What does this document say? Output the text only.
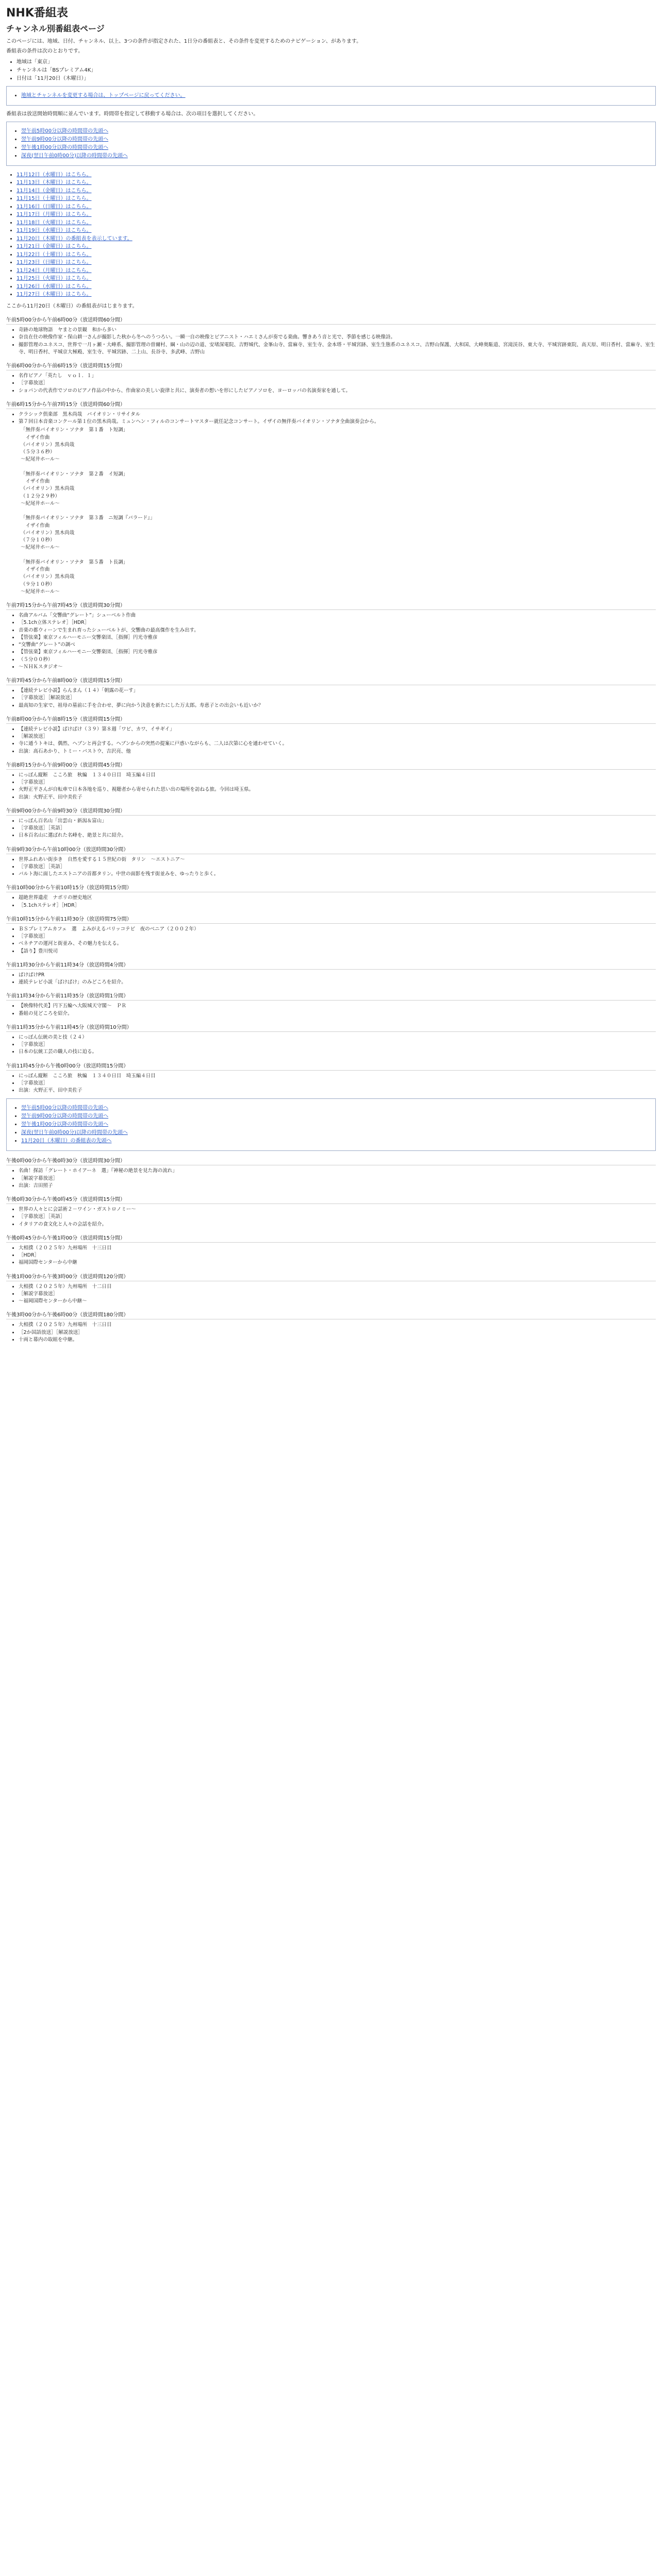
NHK番組表
チャンネル別番組表ページ

このページには、地域、日付、チャンネル、以上、3つの条件が指定された、1日分の番組表と、その条件を変更するためのナビゲーション、があります。

番組表の条件は次のとおりです。

• 地域は「東京」
• チャンネルは「BSプレミアム4K」
• 日付は「11月20日（木曜日）」
• 地域とチャンネルを変更する場合は、トップページに戻ってください。

番組表は放送開始時間順に並んでいます。時間帯を指定して移動する場合は、次の項目を選択してください。

• 翌午前5時00分以降の時間帯の先頭へ
• 翌午前9時00分以降の時間帯の先頭へ
• 翌午後1時00分以降の時間帯の先頭へ
• 深夜(翌日午前0時00分)以降の時間帯の先頭へ
• 11月12日（水曜日）はこちら。
• 11月13日（木曜日）はこちら。
• 11月14日（金曜日）はこちら。
• 11月15日（土曜日）はこちら。
• 11月16日（日曜日）はこちら。
• 11月17日（月曜日）はこちら。
• 11月18日（火曜日）はこちら。
• 11月19日（水曜日）はこちら。
• 11月20日（木曜日）の番組表を表示しています。
• 11月21日（金曜日）はこちら。
• 11月22日（土曜日）はこちら。
• 11月23日（日曜日）はこちら。
• 11月24日（月曜日）はこちら。
• 11月25日（火曜日）はこちら。
• 11月26日（水曜日）はこちら。
• 11月27日（木曜日）はこちら。

ここから11月20日（木曜日）の番組表がはじまります。

午前5時00分から午前6時00分（放送時間60分間）
• 奇跡の地球物語　ヤまとの景観　和から多い
• 奈良在住の映像作家・保山耕一さんが撮影した秋から冬へのうつろい。一瞬一自の映像とピアニスト・ハエミさんが奏でる楽曲。響きあう音と光で、季節を感じる映像詩。
• 撮影管理のユネスコ、世界で一月ヶ瀬・大峰系、撮影管理の曽爾村、綱・山の辺の道、安堵深電院、吉野城代、金峯山寺、當麻寺、室生寺、金本塔・平城宮跡、室生生態系のユネスコ、吉野山保護、大和国、大峰奥駈道、宮滝渓谷、東大寺、平城宮跡東院、高天原、明日香村、當麻寺、室生寺、明日香村、平城京大極殿、室生寺、平城宮跡、二上山、長谷寺、多武峰、吉野山
午前6時00分から午前6時15分（放送時間15分間）
• 名作ピアノ「英たし　ｖｏｌ．１」
• ［字幕放送］
• ショパンの代表作でソロのピアノ作品の中から、作曲家の美しい旋律と共に、演奏者の想いを形にしたピアノソロを、ヨーロッパの名演奏家を通して。
午前6時15分から午前7時15分（放送時間60分間）
• クラシック倶楽部　黒木尚哉　バイオリン・リサイタル
• 第７回日本音楽コンクール第１位の黒木尚哉。ミュンヘン・フィルのコンサートマスター就任記念コンサート。イザイの無伴奏バイオリン・ソナタ全曲演奏会から。
「無伴奏バイオリン・ソナタ　第１番　ト短調」
　イザイ作曲
（バイオリン）黒木尚哉
（５分３６秒）
〜紀尾井ホール〜

「無伴奏バイオリン・ソナタ　第２番　イ短調」
　イザイ作曲
（バイオリン）黒木尚哉
（１２分２９秒）
〜紀尾井ホール〜

「無伴奏バイオリン・ソナタ　第３番　ニ短調『バラード』」
　イザイ作曲
（バイオリン）黒木尚哉
（７分１０秒）
〜紀尾井ホール〜

「無伴奏バイオリン・ソナタ　第５番　ト長調」
　イザイ作曲
（バイオリン）黒木尚哉
（９分１０秒）
〜紀尾井ホール〜
午前7時15分から午前7時45分（放送時間30分間）
• 名曲アルバム「交響曲“グレート”」シューベルト作曲
• ［5.1ch立体ステレオ］［HDR］
• 音楽の都ウィーンで生まれ育ったシューベルトが、交響曲の最高傑作を生み出す。
• 【管弦楽】東京フィルハーモニー交響楽団、［指揮］円光寺雅彦
• “交響曲“グレート”の調べ
• 【管弦楽】東京フィルハーモニー交響楽団、［指揮］円光寺雅彦
• （５分００秒）
• 〜ＮＨＫスタジオ〜
午前7時45分から午前8時00分（放送時間15分間）
• 【連続テレビ小説】らんまん（１４）「朝露の花ーす」
• ［字幕放送］［解説放送］
• 最高知の生家で、祖母の墓前に手を合わせ、夢に向かう決意を新たにした万太郎。寿恵子との出会いも近いか？
午前8時00分から午前8時15分（放送時間15分間）
• 【連続テレビ小説】ばけばけ（３９）第８週「ワビ、カワ、イサギイ」
• ［解説放送］
• 寺に通うトキは、偶然、ヘブンと再会する。ヘブンからの突然の提案に戸惑いながらも、二人は次第に心を通わせていく。
• 出演：高石あかり、トミー・バストウ、吉沢亮、他
午前8時15分から午前9時00分（放送時間45分間）
• にっぽん縦断　こころ旅　秋編　１３４０日目　埼玉編４日目
• ［字幕放送］
• 火野正平さんが自転車で日本各地を巡り、視聴者から寄せられた思い出の場所を訪ねる旅。今回は埼玉県。
• 出演：火野正平、田中美佐子
午前9時00分から午前9時30分（放送時間30分間）
• にっぽん百名山「出雲山・新潟＆富山」
• ［字幕放送］［英語］
• 日本百名山に選ばれた名峰を、絶景と共に紹介。
午前9時30分から午前10時00分（放送時間30分間）
• 世界ふれあい街歩き　自然を愛する１５世紀の街　タリン　〜エストニア〜
• ［字幕放送］［英語］
• バルト海に面したエストニアの首都タリン。中世の面影を残す街並みを、ゆったりと歩く。
午前10時00分から午前10時15分（放送時間15分間）
• 超絶世界遺産　ナポリの歴史地区
• ［5.1chステレオ］［HDR］
午前10時15分から午前11時30分（放送時間75分間）
• ＢＳプレミアムカフェ　選　よみがえるパリッコテビ　夜のベニア（２００２年）
• ［字幕放送］
• ベネチアの運河と街並み、その魅力を伝える。
• 【語り】豊川悦司
午前11時30分から午前11時34分（放送時間4分間）
• ばけばけPR
• 連続テレビ小説「ばけばけ」のみどころを紹介。
午前11時34分から午前11時35分（放送時間1分間）
• 【映像特代美】円下五輪へ大阪城天守閣〜　ＰＲ
• 番組の見どころを紹介。
午前11時35分から午前11時45分（放送時間10分間）
• にっぽん伝統の美と技（２４）
• ［字幕放送］
• 日本の伝統工芸の職人の技に迫る。
午前11時45分から午後0時00分（放送時間15分間）
• にっぽん縦断　こころ旅　秋編　１３４０日目　埼玉編４日目
• ［字幕放送］
• 出演：火野正平、田中美佐子
• 翌午前5時00分以降の時間帯の先頭へ
• 翌午前9時00分以降の時間帯の先頭へ
• 翌午後1時00分以降の時間帯の先頭へ
• 深夜(翌日午前0時00分)以降の時間帯の先頭へ
• 11月20日（木曜日）の番組表の先頭へ
午後0時00分から午後0時30分（放送時間30分間）
• 名曲！探訪「グレート・ホイアーネ　選」『神秘の絶景を見た海の流れ」
• ［解説字幕放送］
• 出演：吉田照子
午後0時30分から午後0時45分（放送時間15分間）
• 世界の人々とに会話術２－ワイン・ガストロノミー〜
• ［字幕放送］［英語］
• イタリアの食文化と人々の会話を紹介。
午後0時45分から午後1時00分（放送時間15分間）
• 大相撲（２０２５年）九州場所　十三日目
• ［HDR］
• 福岡国際センターから中継
午後1時00分から午後3時00分（放送時間120分間）
• 大相撲（２０２５年）九州場所　十二日目
• ［解説字幕放送］
• 〜福岡国際センターから中継〜
午後3時00分から午後6時00分（放送時間180分間）
• 大相撲（２０２５年）九州場所　十三日目
• ［2か国語放送］［解説放送］
• 十両と幕内の取組を中継。
